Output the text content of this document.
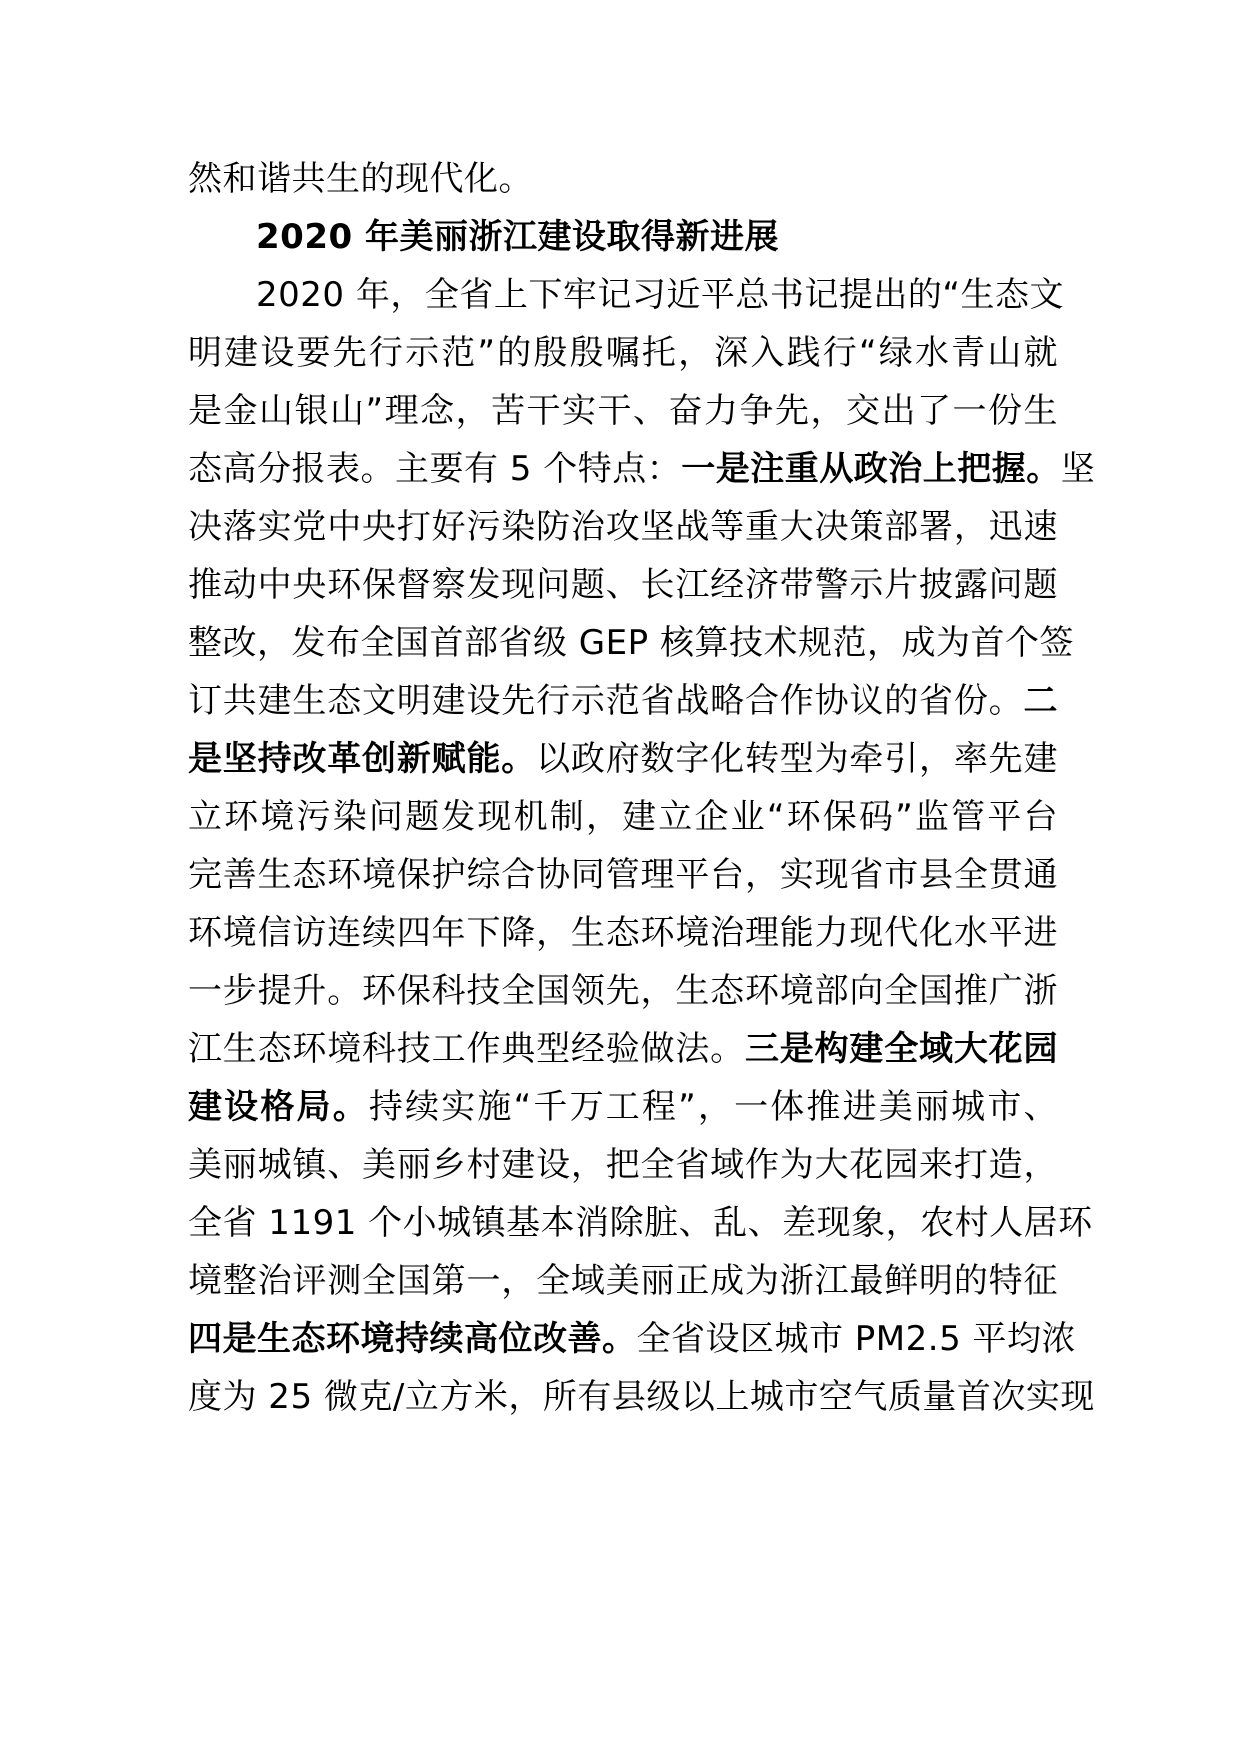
然和谐共生的现代化。
2020 年美丽浙江建设取得新进展
2020 年，全省上下牢记习近平总书记提出的“生态文
明建设要先行示范”的殷殷嘱托，深入践行“绿水青山就
是金山银山”理念，苦干实干、奋力争先，交出了一份生
态高分报表。主要有 5 个特点：一是注重从政治上把握。坚
决落实党中央打好污染防治攻坚战等重大决策部署，迅速
推动中央环保督察发现问题、长江经济带警示片披露问题
整改，发布全国首部省级 GEP 核算技术规范，成为首个签
订共建生态文明建设先行示范省战略合作协议的省份。二
是坚持改革创新赋能。以政府数字化转型为牵引，率先建
立环境污染问题发现机制，建立企业“环保码”监管平台
完善生态环境保护综合协同管理平台，实现省市县全贯通
环境信访连续四年下降，生态环境治理能力现代化水平进
一步提升。环保科技全国领先，生态环境部向全国推广浙
江生态环境科技工作典型经验做法。三是构建全域大花园
建设格局。持续实施“千万工程”，一体推进美丽城市、
美丽城镇、美丽乡村建设，把全省域作为大花园来打造，
全省 1191 个小城镇基本消除脏、乱、差现象，农村人居环
境整治评测全国第一，全域美丽正成为浙江最鲜明的特征
四是生态环境持续高位改善。全省设区城市 PM2.5 平均浓
度为 25 微克/立方米，所有县级以上城市空气质量首次实现
